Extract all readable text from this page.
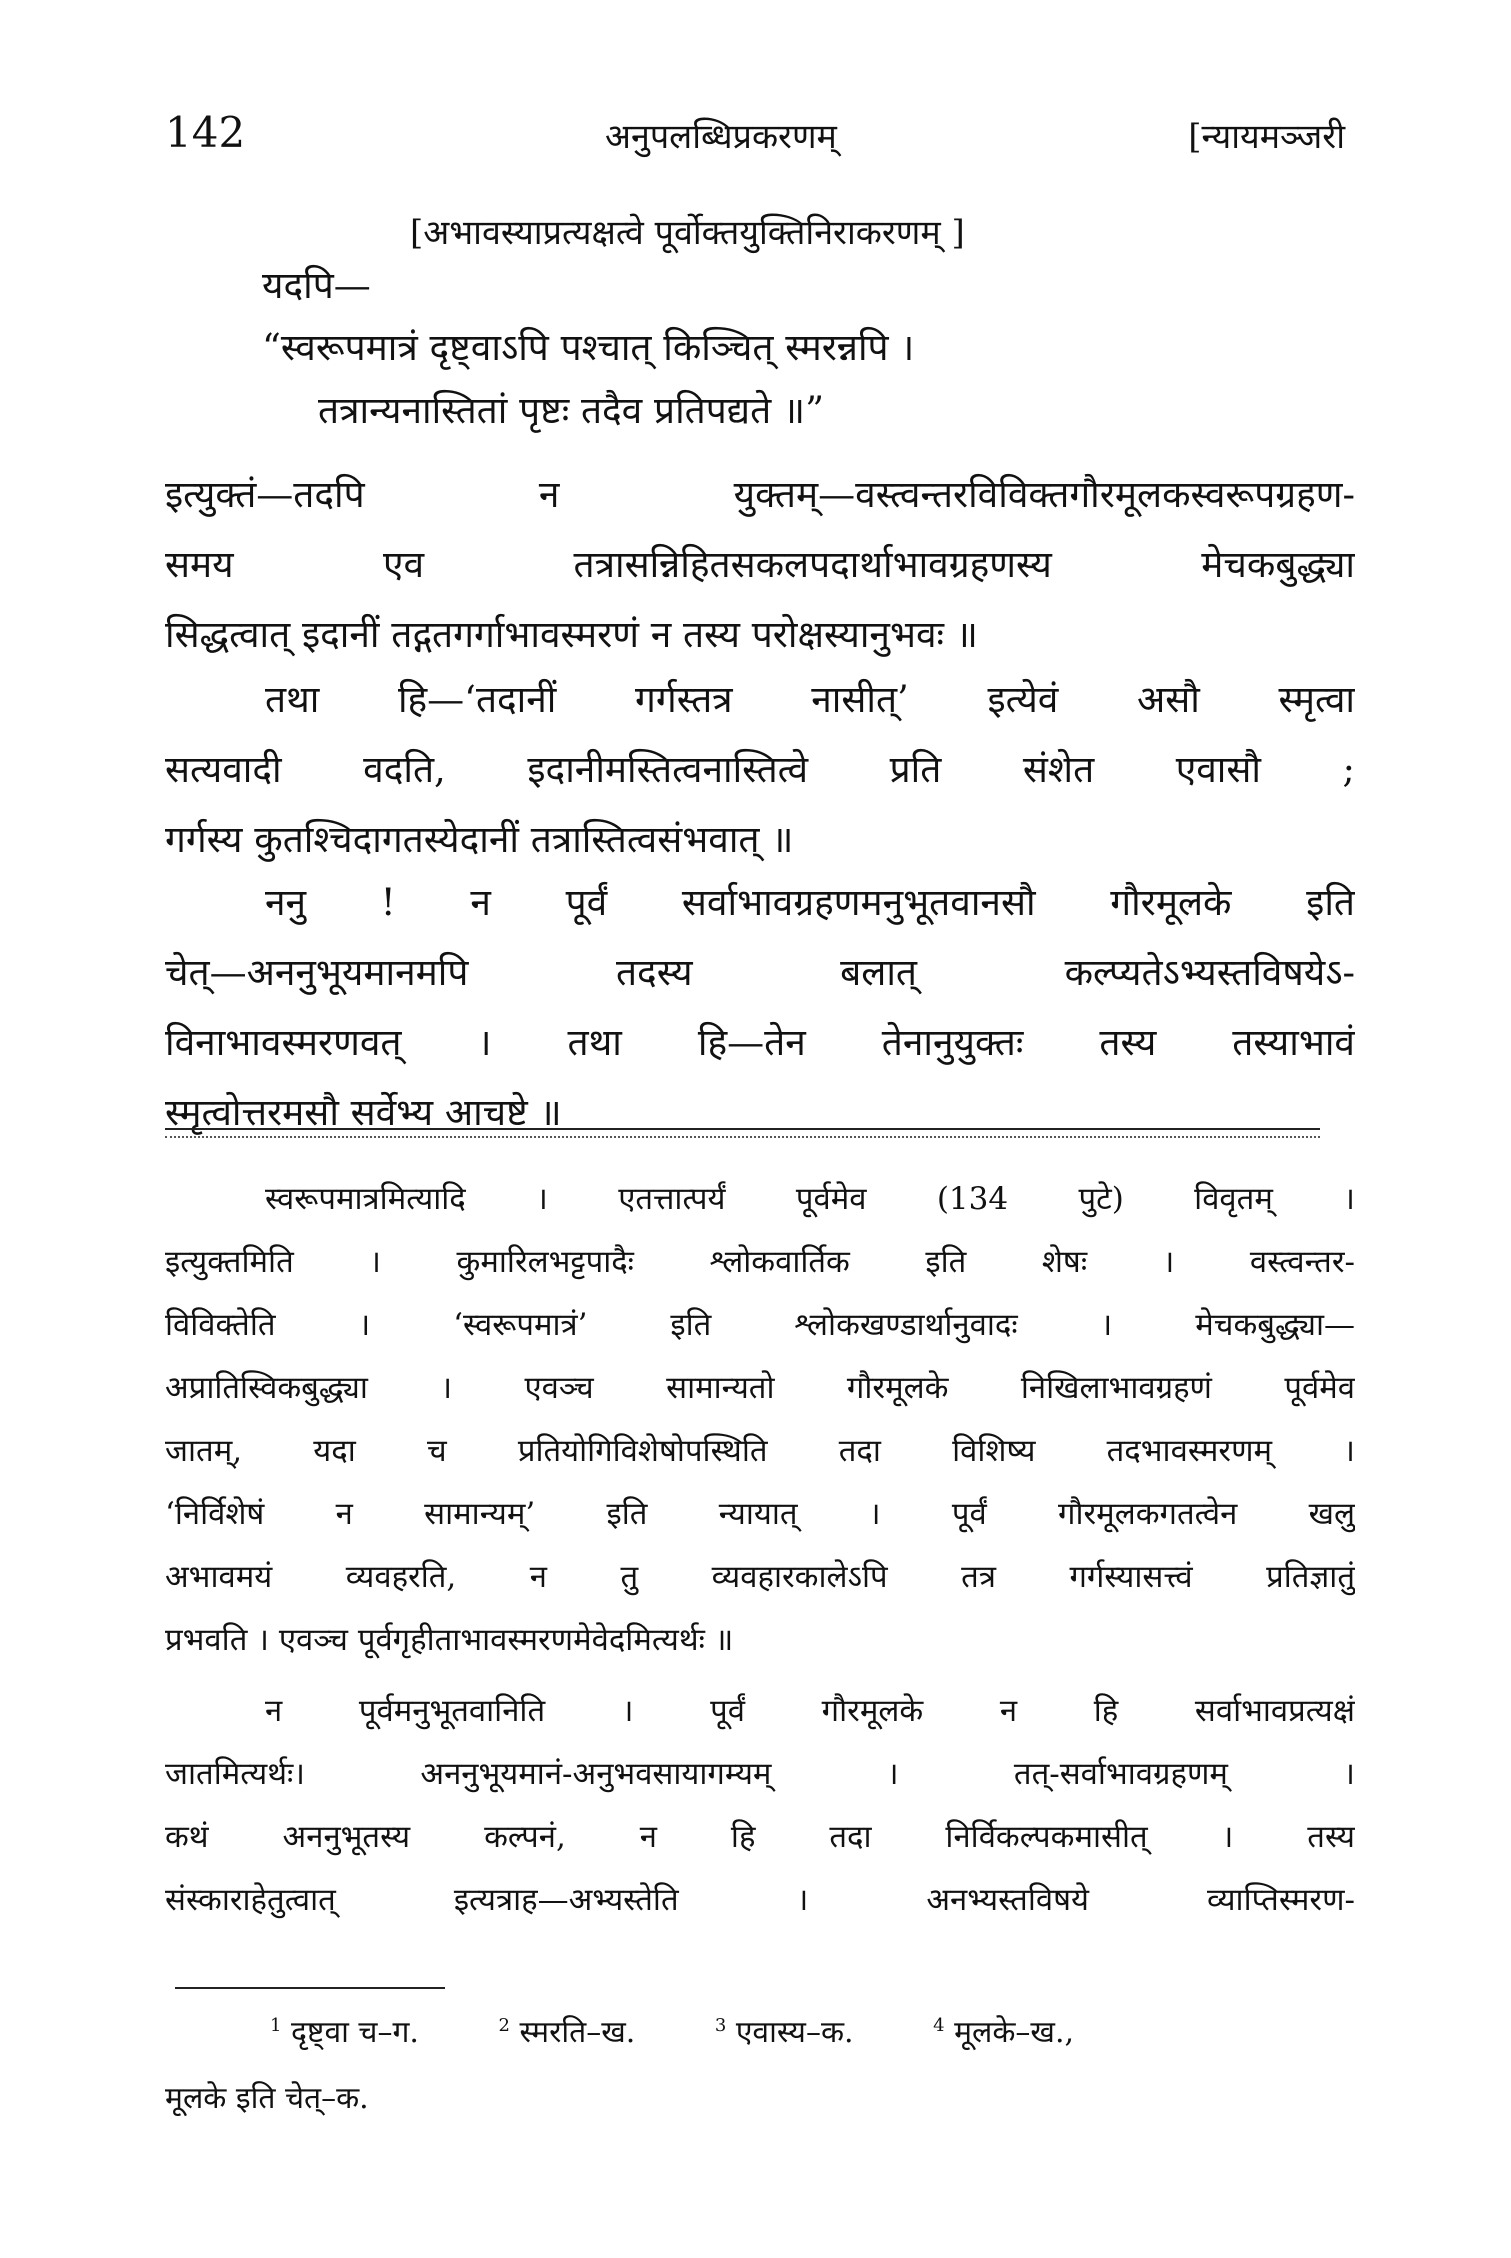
142	अनुपलब्धिप्रकरणम्	[न्यायमञ्जरी
[अभावस्याप्रत्यक्षत्वे पूर्वोक्तयुक्तिनिराकरणम् ]
यदपि—
“स्वरूपमात्रं दृष्ट्वाऽपि पश्चात् किञ्चित् स्मरन्नपि ।
तत्रान्यनास्तितां पृष्टः तदैव प्रतिपद्यते ॥”
इत्युक्तं—तदपि न युक्तम्—वस्त्वन्तरविविक्तगौरमूलकस्वरूपग्रहण-
समय एव तत्रासन्निहितसकलपदार्थाभावग्रहणस्य मेचकबुद्ध्या
सिद्धत्वात् इदानीं तद्गतगर्गाभावस्मरणं न तस्य परोक्षस्यानुभवः ॥
तथा हि—‘तदानीं गर्गस्तत्र नासीत्’ इत्येवं असौ स्मृत्वा
सत्यवादी वदति, इदानीमस्तित्वनास्तित्वे प्रति संशेत एवासौ ;
गर्गस्य कुतश्चिदागतस्येदानीं तत्रास्तित्वसंभवात् ॥
ननु ! न पूर्वं सर्वाभावग्रहणमनुभूतवानसौ गौरमूलके इति
चेत्—अननुभूयमानमपि तदस्य बलात् कल्प्यतेऽभ्यस्तविषयेऽ-
विनाभावस्मरणवत् । तथा हि—तेन तेनानुयुक्तः तस्य तस्याभावं
स्मृत्वोत्तरमसौ सर्वेभ्य आचष्टे ॥
स्वरूपमात्रमित्यादि । एतत्तात्पर्यं पूर्वमेव (134 पुटे) विवृतम् ।
इत्युक्तमिति । कुमारिलभट्टपादैः श्लोकवार्तिक इति शेषः । वस्त्वन्तर-
विविक्तेति । ‘स्वरूपमात्रं’ इति श्लोकखण्डार्थानुवादः । मेचकबुद्ध्या—
अप्रातिस्विकबुद्ध्या । एवञ्च सामान्यतो गौरमूलके निखिलाभावग्रहणं पूर्वमेव
जातम्, यदा च प्रतियोगिविशेषोपस्थिति तदा विशिष्य तदभावस्मरणम् ।
‘निर्विशेषं न सामान्यम्’ इति न्यायात् । पूर्वं गौरमूलकगतत्वेन खलु
अभावमयं व्यवहरति, न तु व्यवहारकालेऽपि तत्र गर्गस्यासत्त्वं प्रतिज्ञातुं
प्रभवति । एवञ्च पूर्वगृहीताभावस्मरणमेवेदमित्यर्थः ॥
न पूर्वमनुभूतवानिति । पूर्वं गौरमूलके न हि सर्वाभावप्रत्यक्षं
जातमित्यर्थः। अननुभूयमानं-अनुभवसायागम्यम् । तत्-सर्वाभावग्रहणम् ।
कथं अननुभूतस्य कल्पनं, न हि तदा निर्विकल्पकमासीत् । तस्य
संस्काराहेतुत्वात् इत्यत्राह—अभ्यस्तेति । अनभ्यस्तविषये व्याप्तिस्मरण-
$^1$ दृष्ट्वा च–ग.	$^2$ स्मरति–ख.	$^3$ एवास्य–क.	$^4$ मूलके–ख.,
मूलके इति चेत्–क.
